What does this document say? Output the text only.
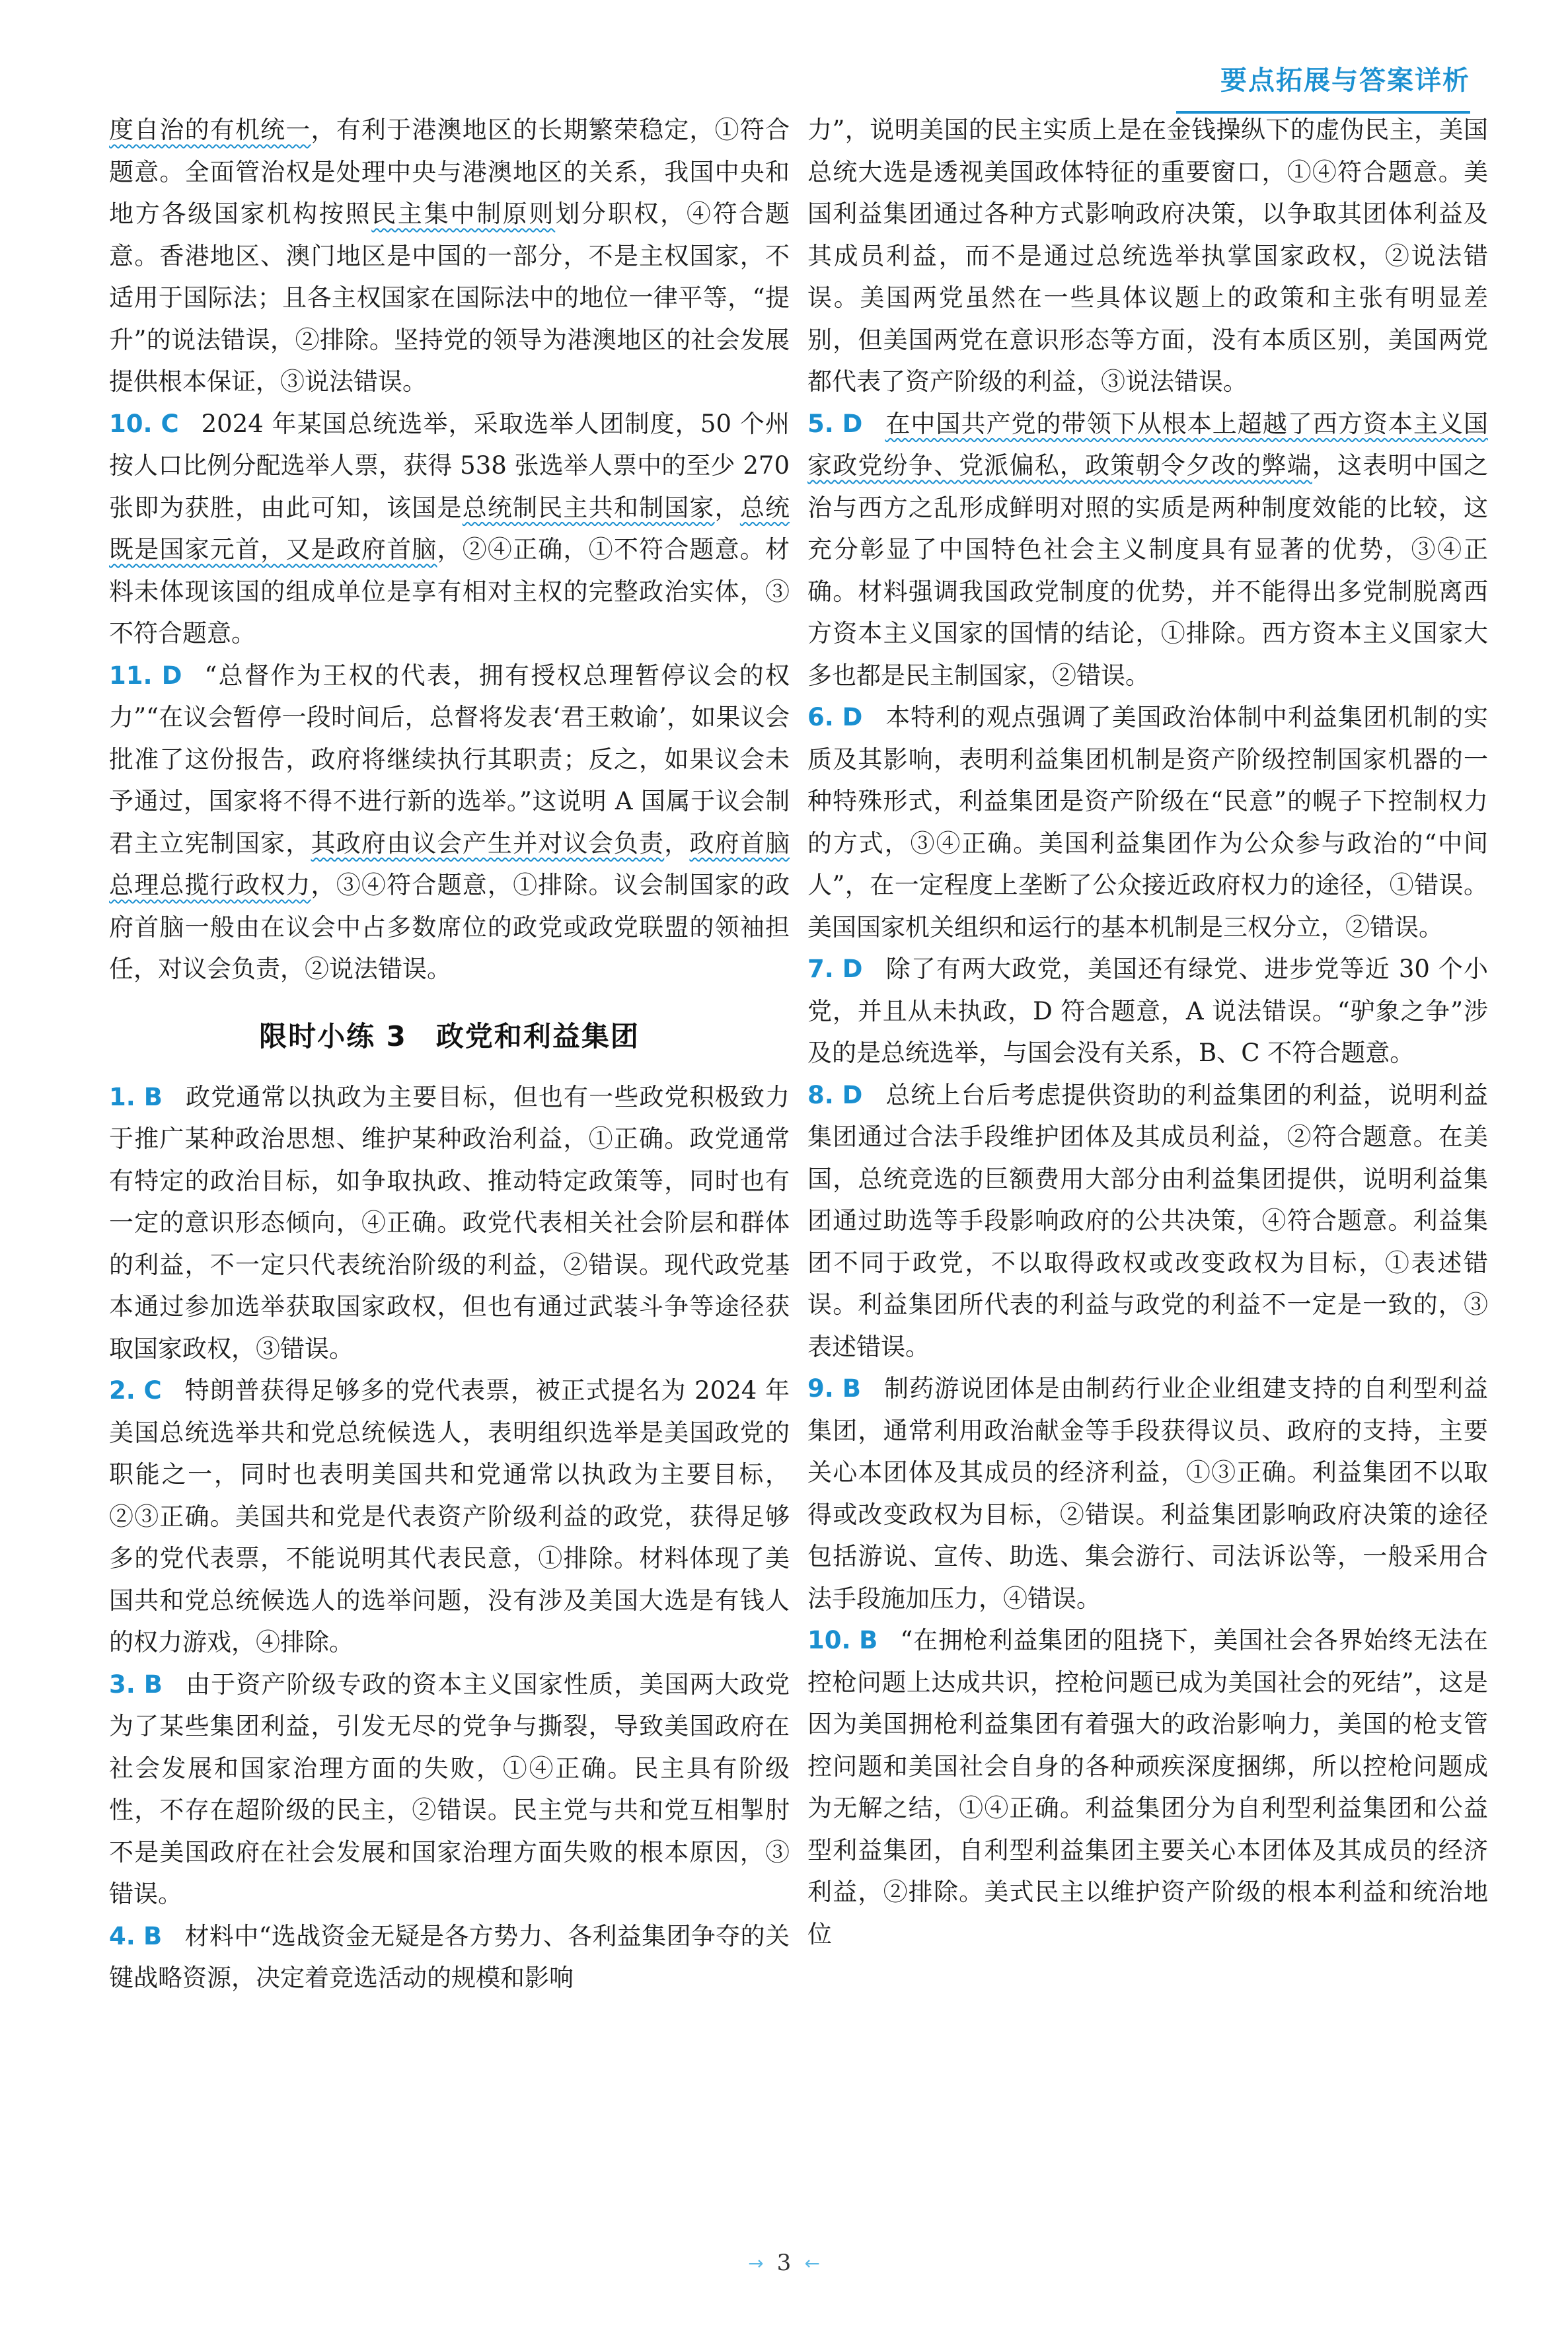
要点拓展与答案详析

度自治的有机统一，有利于港澳地区的长期繁荣稳定，①符合题意。全面管治权是处理中央与港澳地区的关系，我国中央和地方各级国家机构按照民主集中制原则划分职权，④符合题意。香港地区、澳门地区是中国的一部分，不是主权国家，不适用于国际法；且各主权国家在国际法中的地位一律平等，“提升”的说法错误，②排除。坚持党的领导为港澳地区的社会发展提供根本保证，③说法错误。

10. C 2024 年某国总统选举，采取选举人团制度，50 个州按人口比例分配选举人票，获得 538 张选举人票中的至少 270 张即为获胜，由此可知，该国是总统制民主共和制国家，总统既是国家元首，又是政府首脑，②④正确，①不符合题意。材料未体现该国的组成单位是享有相对主权的完整政治实体，③不符合题意。

11. D “总督作为王权的代表，拥有授权总理暂停议会的权力”“在议会暂停一段时间后，总督将发表‘君王敕谕’，如果议会批准了这份报告，政府将继续执行其职责；反之，如果议会未予通过，国家将不得不进行新的选举。”这说明 A 国属于议会制君主立宪制国家，其政府由议会产生并对议会负责，政府首脑总理总揽行政权力，③④符合题意，①排除。议会制国家的政府首脑一般由在议会中占多数席位的政党或政党联盟的领袖担任，对议会负责，②说法错误。

限时小练 3　政党和利益集团

1. B 政党通常以执政为主要目标，但也有一些政党积极致力于推广某种政治思想、维护某种政治利益，①正确。政党通常有特定的政治目标，如争取执政、推动特定政策等，同时也有一定的意识形态倾向，④正确。政党代表相关社会阶层和群体的利益，不一定只代表统治阶级的利益，②错误。现代政党基本通过参加选举获取国家政权，但也有通过武装斗争等途径获取国家政权，③错误。

2. C 特朗普获得足够多的党代表票，被正式提名为 2024 年美国总统选举共和党总统候选人，表明组织选举是美国政党的职能之一，同时也表明美国共和党通常以执政为主要目标，②③正确。美国共和党是代表资产阶级利益的政党，获得足够多的党代表票，不能说明其代表民意，①排除。材料体现了美国共和党总统候选人的选举问题，没有涉及美国大选是有钱人的权力游戏，④排除。

3. B 由于资产阶级专政的资本主义国家性质，美国两大政党为了某些集团利益，引发无尽的党争与撕裂，导致美国政府在社会发展和国家治理方面的失败，①④正确。民主具有阶级性，不存在超阶级的民主，②错误。民主党与共和党互相掣肘不是美国政府在社会发展和国家治理方面失败的根本原因，③错误。

4. B 材料中“选战资金无疑是各方势力、各利益集团争夺的关键战略资源，决定着竞选活动的规模和影响

力”，说明美国的民主实质上是在金钱操纵下的虚伪民主，美国总统大选是透视美国政体特征的重要窗口，①④符合题意。美国利益集团通过各种方式影响政府决策，以争取其团体利益及其成员利益，而不是通过总统选举执掌国家政权，②说法错误。美国两党虽然在一些具体议题上的政策和主张有明显差别，但美国两党在意识形态等方面，没有本质区别，美国两党都代表了资产阶级的利益，③说法错误。

5. D 在中国共产党的带领下从根本上超越了西方资本主义国家政党纷争、党派偏私，政策朝令夕改的弊端，这表明中国之治与西方之乱形成鲜明对照的实质是两种制度效能的比较，这充分彰显了中国特色社会主义制度具有显著的优势，③④正确。材料强调我国政党制度的优势，并不能得出多党制脱离西方资本主义国家的国情的结论，①排除。西方资本主义国家大多也都是民主制国家，②错误。

6. D 本特利的观点强调了美国政治体制中利益集团机制的实质及其影响，表明利益集团机制是资产阶级控制国家机器的一种特殊形式，利益集团是资产阶级在“民意”的幌子下控制权力的方式，③④正确。美国利益集团作为公众参与政治的“中间人”，在一定程度上垄断了公众接近政府权力的途径，①错误。美国国家机关组织和运行的基本机制是三权分立，②错误。

7. D 除了有两大政党，美国还有绿党、进步党等近 30 个小党，并且从未执政，D 符合题意，A 说法错误。“驴象之争”涉及的是总统选举，与国会没有关系，B、C 不符合题意。

8. D 总统上台后考虑提供资助的利益集团的利益，说明利益集团通过合法手段维护团体及其成员利益，②符合题意。在美国，总统竞选的巨额费用大部分由利益集团提供，说明利益集团通过助选等手段影响政府的公共决策，④符合题意。利益集团不同于政党，不以取得政权或改变政权为目标，①表述错误。利益集团所代表的利益与政党的利益不一定是一致的，③表述错误。

9. B 制药游说团体是由制药行业企业组建支持的自利型利益集团，通常利用政治献金等手段获得议员、政府的支持，主要关心本团体及其成员的经济利益，①③正确。利益集团不以取得或改变政权为目标，②错误。利益集团影响政府决策的途径包括游说、宣传、助选、集会游行、司法诉讼等，一般采用合法手段施加压力，④错误。

10. B “在拥枪利益集团的阻挠下，美国社会各界始终无法在控枪问题上达成共识，控枪问题已成为美国社会的死结”，这是因为美国拥枪利益集团有着强大的政治影响力，美国的枪支管控问题和美国社会自身的各种顽疾深度捆绑，所以控枪问题成为无解之结，①④正确。利益集团分为自利型利益集团和公益型利益集团，自利型利益集团主要关心本团体及其成员的经济利益，②排除。美式民主以维护资产阶级的根本利益和统治地位

→ 3 ←
